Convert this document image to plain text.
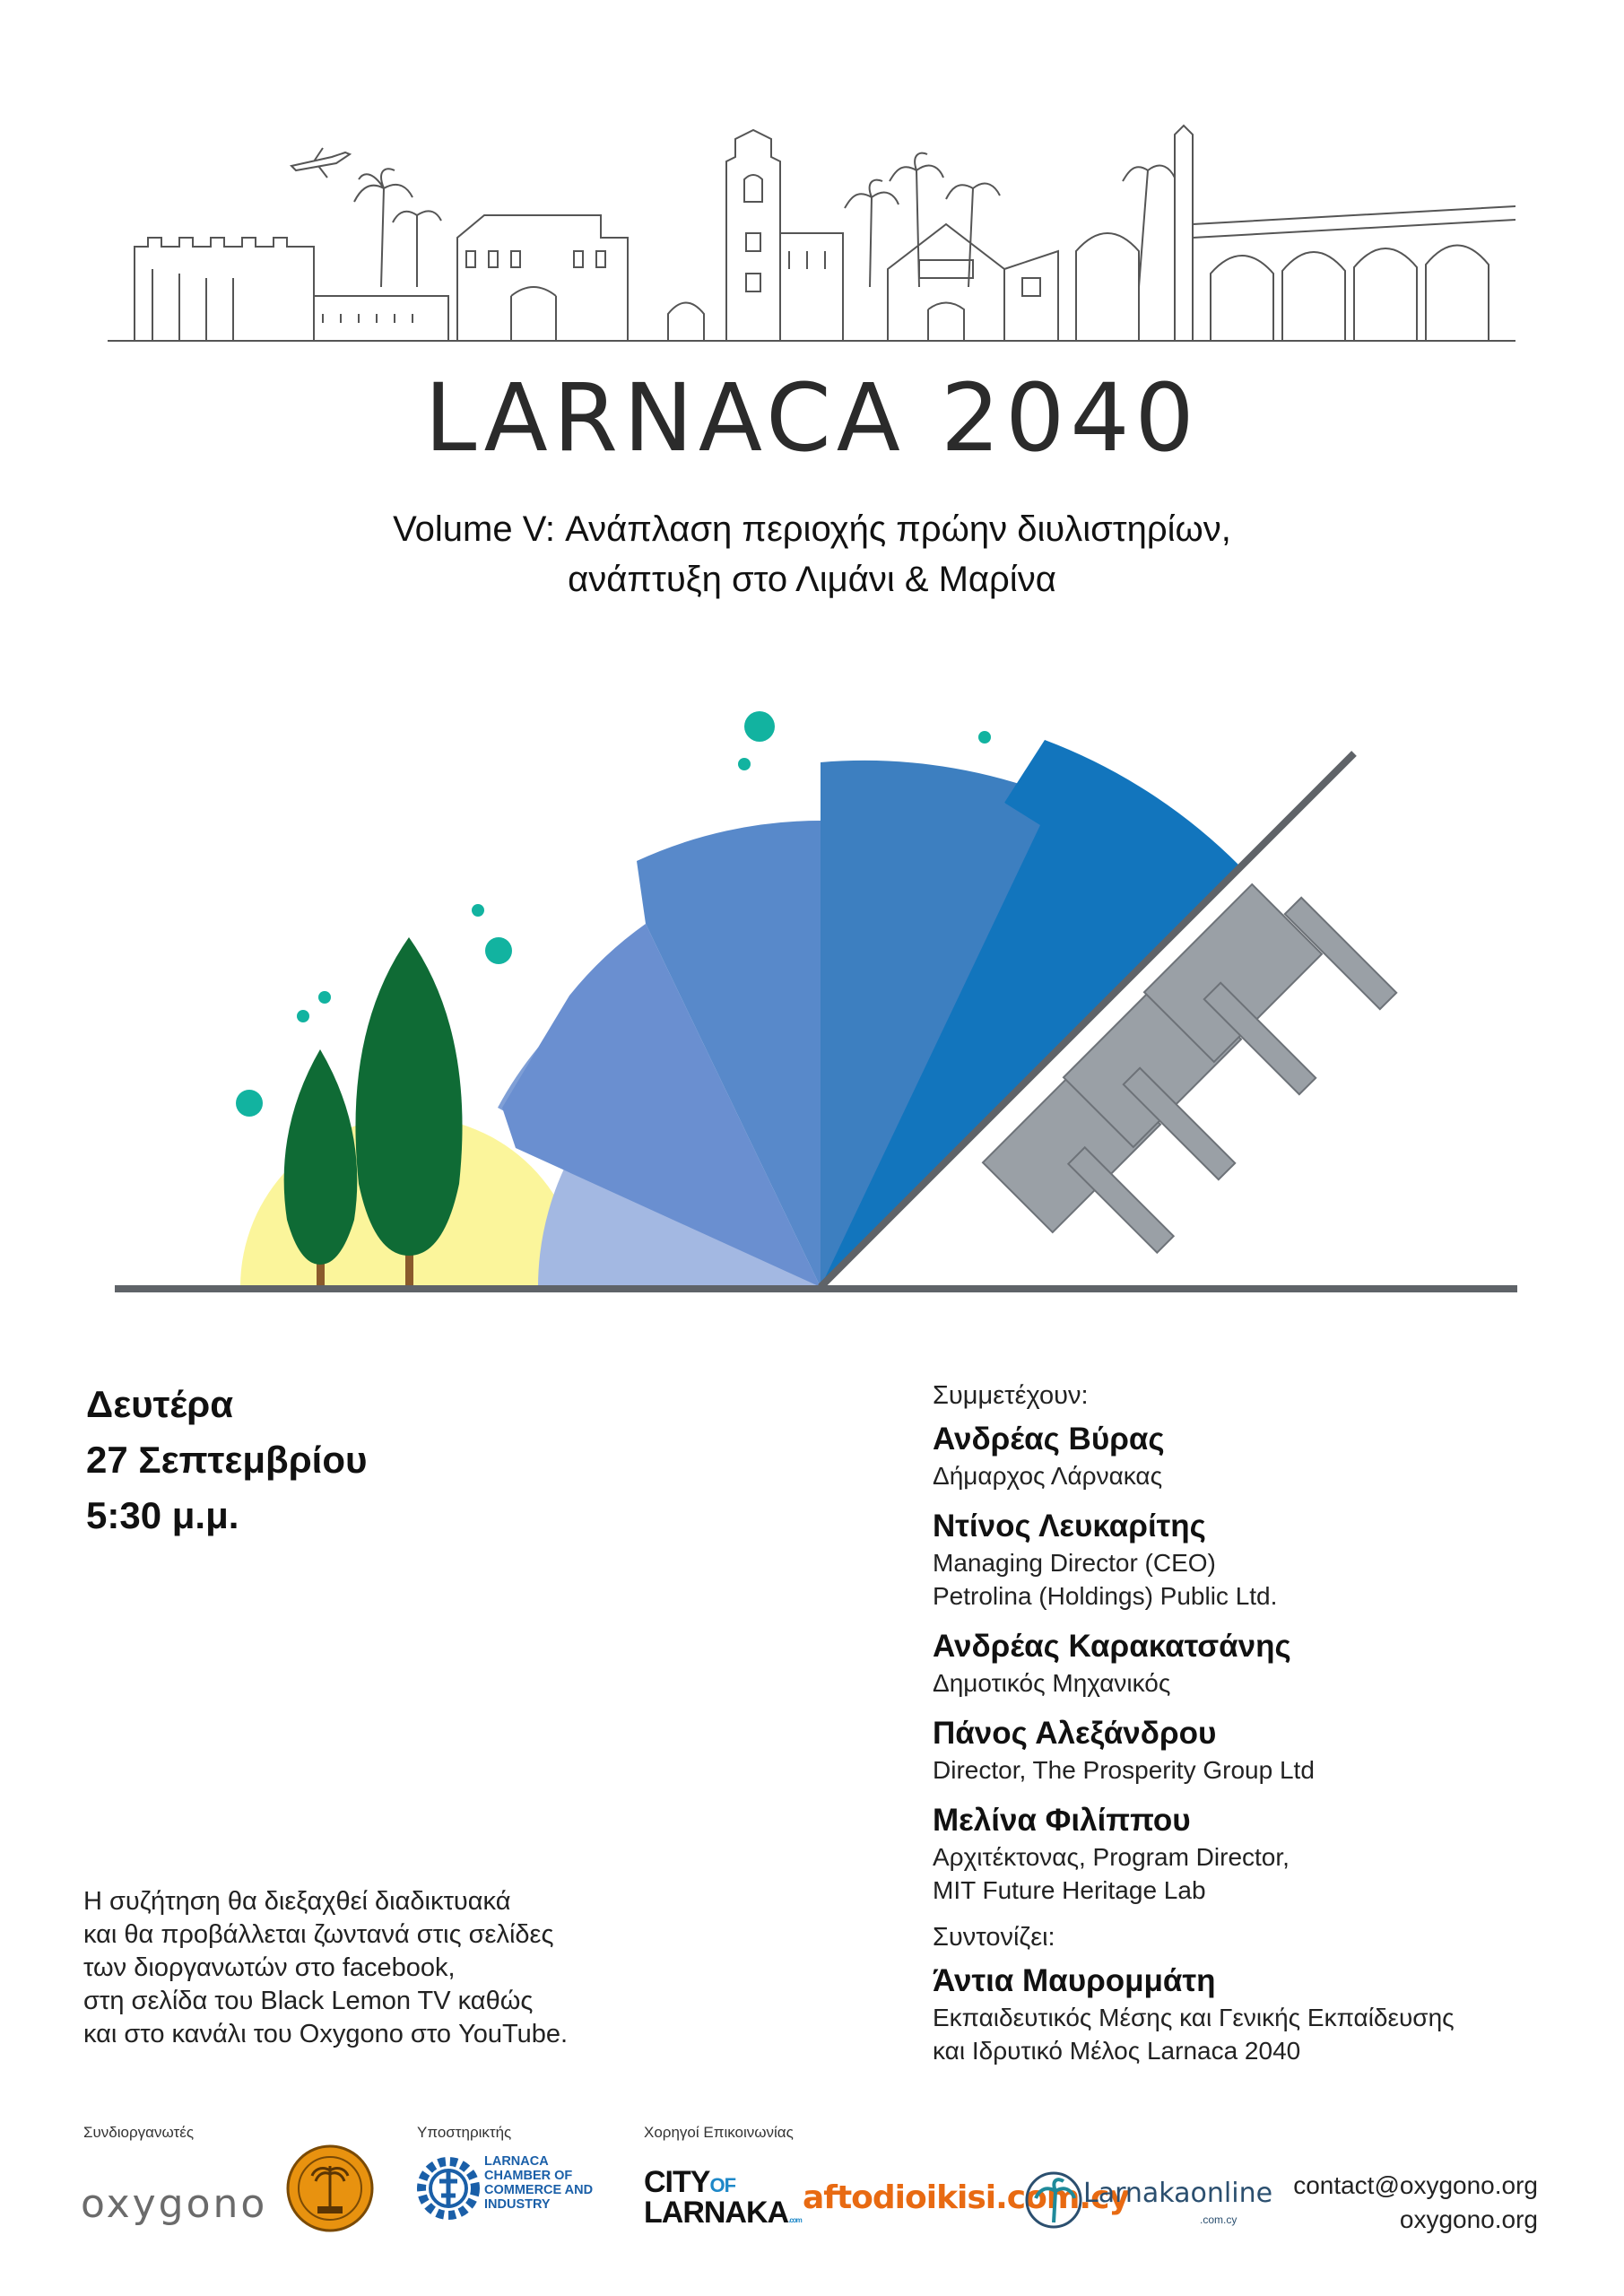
LARNACA 2040
Volume V: Ανάπλαση περιοχής πρώην διυλιστηρίων,
ανάπτυξη στο Λιμάνι & Μαρίνα
Δευτέρα
27 Σεπτεμβρίου
5:30 μ.μ.
Συμμετέχουν:
Ανδρέας Βύρας
Δήμαρχος Λάρνακας
Ντίνος Λευκαρίτης
Managing Director (CEO)
Petrolina (Holdings) Public Ltd.
Ανδρέας Καρακατσάνης
Δημοτικός Μηχανικός
Πάνος Αλεξάνδρου
Director, The Prosperity Group Ltd
Μελίνα Φιλίππου
Αρχιτέκτονας, Program Director,
MIT Future Heritage Lab
Συντονίζει:
Άντια Μαυρομμάτη
Εκπαιδευτικός Μέσης και Γενικής Εκπαίδευσης
και Ιδρυτικό Μέλος Larnaca 2040
Η συζήτηση θα διεξαχθεί διαδικτυακά
και θα προβάλλεται ζωντανά στις σελίδες
των διοργανωτών στο facebook,
στη σελίδα του Black Lemon TV καθώς
και στο κανάλι του Oxygono στο YouTube.
Συνδιοργανωτές	Υποστηρικτής	Χορηγοί Επικοινωνίας
oxygono
LARNACA
CHAMBER OF
COMMERCE AND
INDUSTRY
CITYOF
LARNAKA.com
aftodioikisi.com.cy
Larnakaonline
.com.cy
contact@oxygono.org
oxygono.org
